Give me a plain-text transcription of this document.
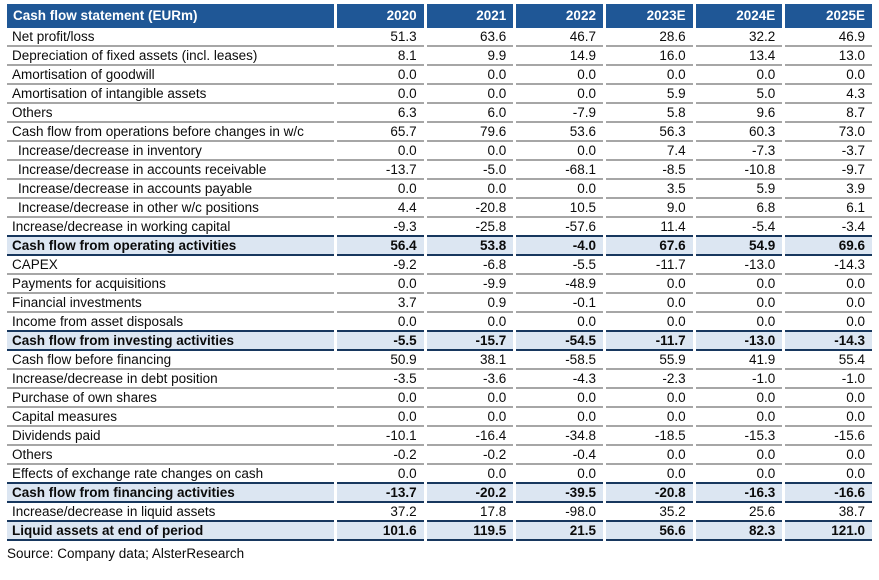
Cash flow statement (EURm)	2020	2021	2022	2023E	2024E	2025E
Net profit/loss	51.3	63.6	46.7	28.6	32.2	46.9
Depreciation of fixed assets (incl. leases)	8.1	9.9	14.9	16.0	13.4	13.0
Amortisation of goodwill	0.0	0.0	0.0	0.0	0.0	0.0
Amortisation of intangible assets	0.0	0.0	0.0	5.9	5.0	4.3
Others	6.3	6.0	-7.9	5.8	9.6	8.7
Cash flow from operations before changes in w/c	65.7	79.6	53.6	56.3	60.3	73.0
Increase/decrease in inventory	0.0	0.0	0.0	7.4	-7.3	-3.7
Increase/decrease in accounts receivable	-13.7	-5.0	-68.1	-8.5	-10.8	-9.7
Increase/decrease in accounts payable	0.0	0.0	0.0	3.5	5.9	3.9
Increase/decrease in other w/c positions	4.4	-20.8	10.5	9.0	6.8	6.1
Increase/decrease in working capital	-9.3	-25.8	-57.6	11.4	-5.4	-3.4
Cash flow from operating activities	56.4	53.8	-4.0	67.6	54.9	69.6
CAPEX	-9.2	-6.8	-5.5	-11.7	-13.0	-14.3
Payments for acquisitions	0.0	-9.9	-48.9	0.0	0.0	0.0
Financial investments	3.7	0.9	-0.1	0.0	0.0	0.0
Income from asset disposals	0.0	0.0	0.0	0.0	0.0	0.0
Cash flow from investing activities	-5.5	-15.7	-54.5	-11.7	-13.0	-14.3
Cash flow before financing	50.9	38.1	-58.5	55.9	41.9	55.4
Increase/decrease in debt position	-3.5	-3.6	-4.3	-2.3	-1.0	-1.0
Purchase of own shares	0.0	0.0	0.0	0.0	0.0	0.0
Capital measures	0.0	0.0	0.0	0.0	0.0	0.0
Dividends paid	-10.1	-16.4	-34.8	-18.5	-15.3	-15.6
Others	-0.2	-0.2	-0.4	0.0	0.0	0.0
Effects of exchange rate changes on cash	0.0	0.0	0.0	0.0	0.0	0.0
Cash flow from financing activities	-13.7	-20.2	-39.5	-20.8	-16.3	-16.6
Increase/decrease in liquid assets	37.2	17.8	-98.0	35.2	25.6	38.7
Liquid assets at end of period	101.6	119.5	21.5	56.6	82.3	121.0
Source: Company data; AlsterResearch
